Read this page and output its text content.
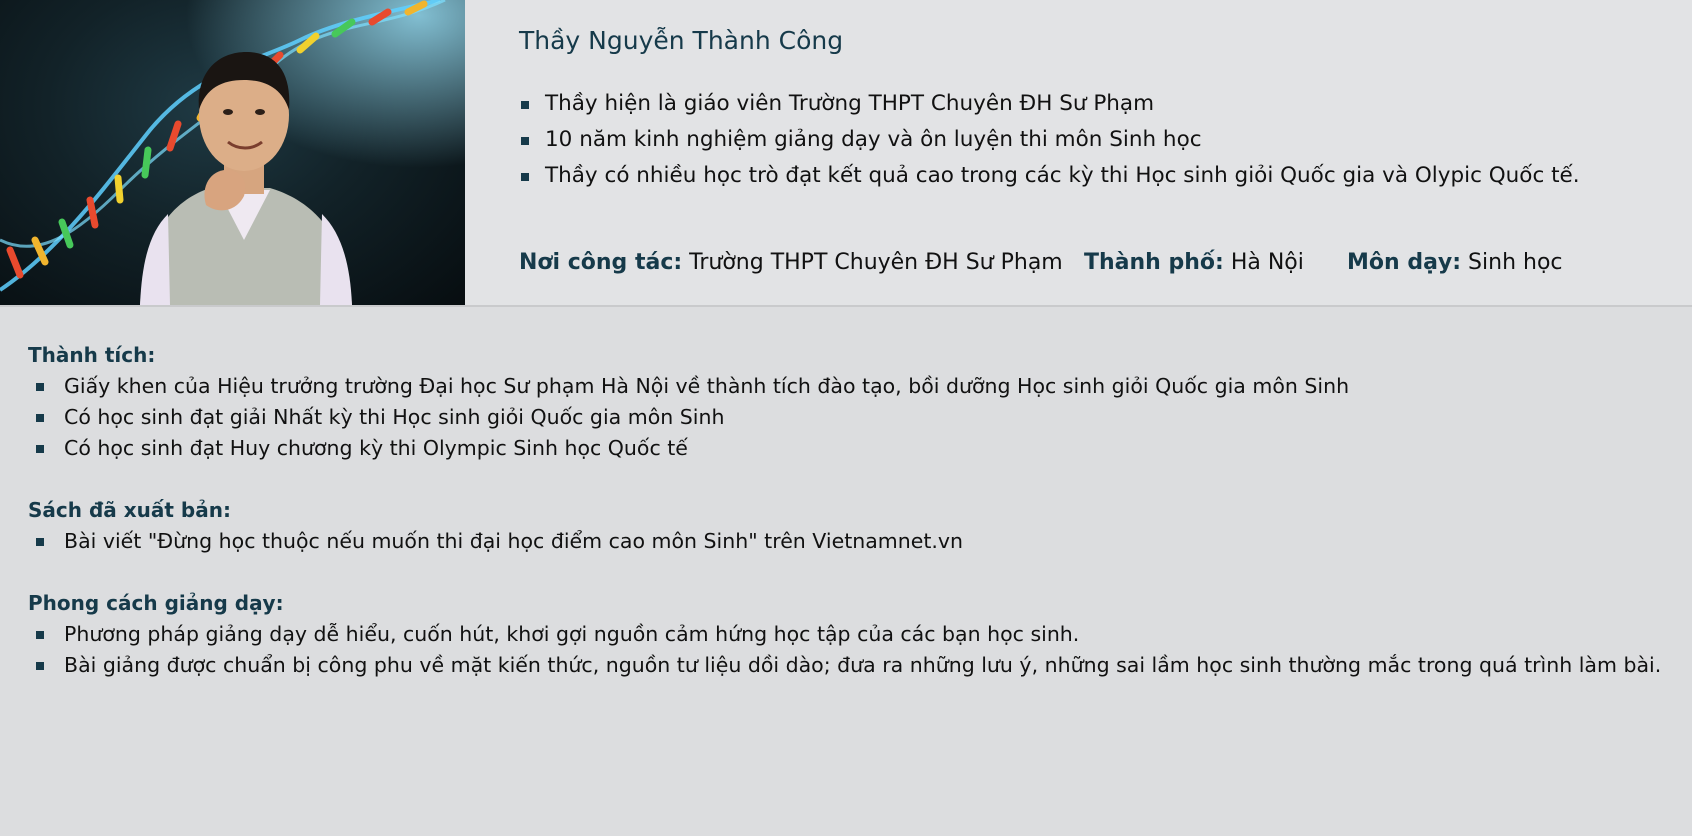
Thầy Nguyễn Thành Công
Thầy hiện là giáo viên Trường THPT Chuyên ĐH Sư Phạm
10 năm kinh nghiệm giảng dạy và ôn luyện thi môn Sinh học
Thầy có nhiều học trò đạt kết quả cao trong các kỳ thi Học sinh giỏi Quốc gia và Olypic Quốc tế.
Nơi công tác: Trường THPT Chuyên ĐH Sư Phạm Thành phố: Hà Nội Môn dạy: Sinh học
Thành tích:
Giấy khen của Hiệu trưởng trường Đại học Sư phạm Hà Nội về thành tích đào tạo, bồi dưỡng Học sinh giỏi Quốc gia môn Sinh
Có học sinh đạt giải Nhất kỳ thi Học sinh giỏi Quốc gia môn Sinh
Có học sinh đạt Huy chương kỳ thi Olympic Sinh học Quốc tế
Sách đã xuất bản:
Bài viết "Đừng học thuộc nếu muốn thi đại học điểm cao môn Sinh" trên Vietnamnet.vn
Phong cách giảng dạy:
Phương pháp giảng dạy dễ hiểu, cuốn hút, khơi gợi nguồn cảm hứng học tập của các bạn học sinh.
Bài giảng được chuẩn bị công phu về mặt kiến thức, nguồn tư liệu dồi dào; đưa ra những lưu ý, những sai lầm học sinh thường mắc trong quá trình làm bài.
